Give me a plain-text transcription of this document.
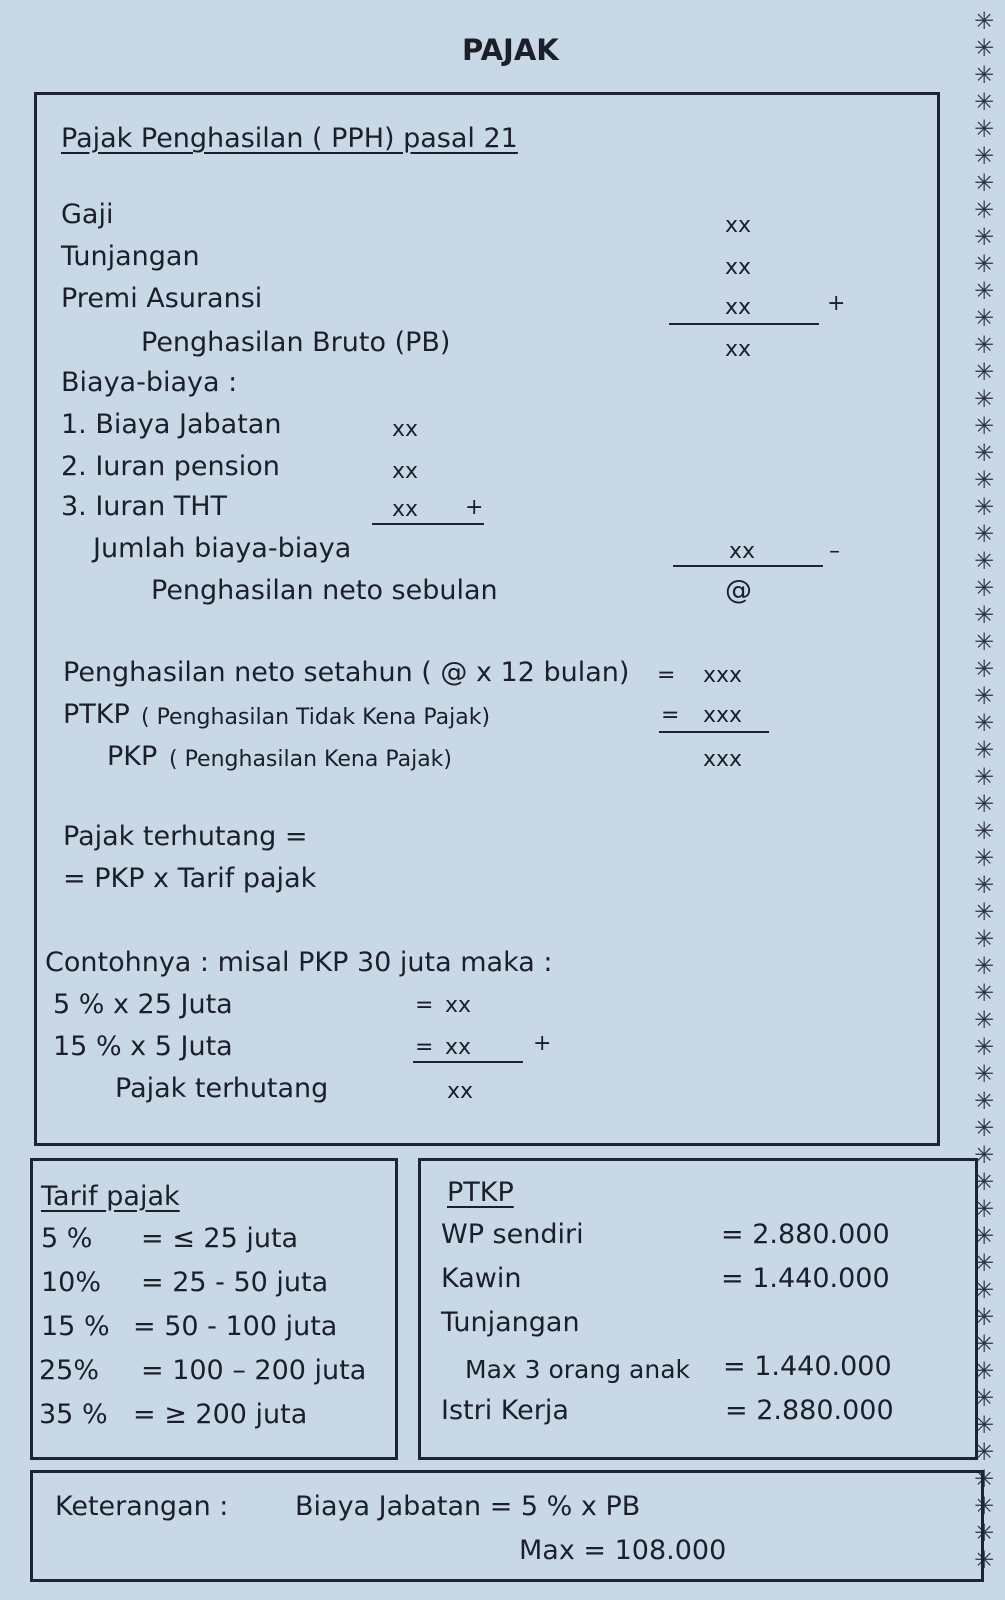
✳
✳
✳
✳
✳
✳
✳
✳
✳
✳
✳
✳
✳
✳
✳
✳
✳
✳
✳
✳
✳
✳
✳
✳
✳
✳
✳
✳
✳
✳
✳
✳
✳
✳
✳
✳
✳
✳
✳
✳
✳
✳
✳
✳
✳
✳
✳
✳
✳
✳
✳
✳
✳
✳
✳
✳
✳
✳
PAJAK
Pajak Penghasilan ( PPH) pasal 21
Gaji	xx
Tunjangan	xx
Premi Asuransi	xx	+
Penghasilan Bruto (PB)	xx
Biaya-biaya :
1. Biaya Jabatan	xx
2. Iuran pension	xx
3. Iuran THT	xx +
Jumlah biaya-biaya	xx	–
Penghasilan neto sebulan	@
Penghasilan neto setahun ( @ x 12 bulan) = xxx
PTKP ( Penghasilan Tidak Kena Pajak)	= xxx
PKP ( Penghasilan Kena Pajak)	xxx
Pajak terhutang =
= PKP x Tarif pajak
Contohnya : misal PKP 30 juta maka :
5 % x 25 Juta	= xx
15 % x 5 Juta	= xx	+
Pajak terhutang	xx
Tarif pajak
5 % = ≤ 25 juta
10% = 25 - 50 juta
15 % = 50 - 100 juta
25% = 100 – 200 juta
35 % = ≥ 200 juta
PTKP
WP sendiri	= 2.880.000
Kawin	= 1.440.000
Tunjangan
Max 3 orang anak = 1.440.000
Istri Kerja	= 2.880.000
Keterangan : Biaya Jabatan = 5 % x PB
Max = 108.000
